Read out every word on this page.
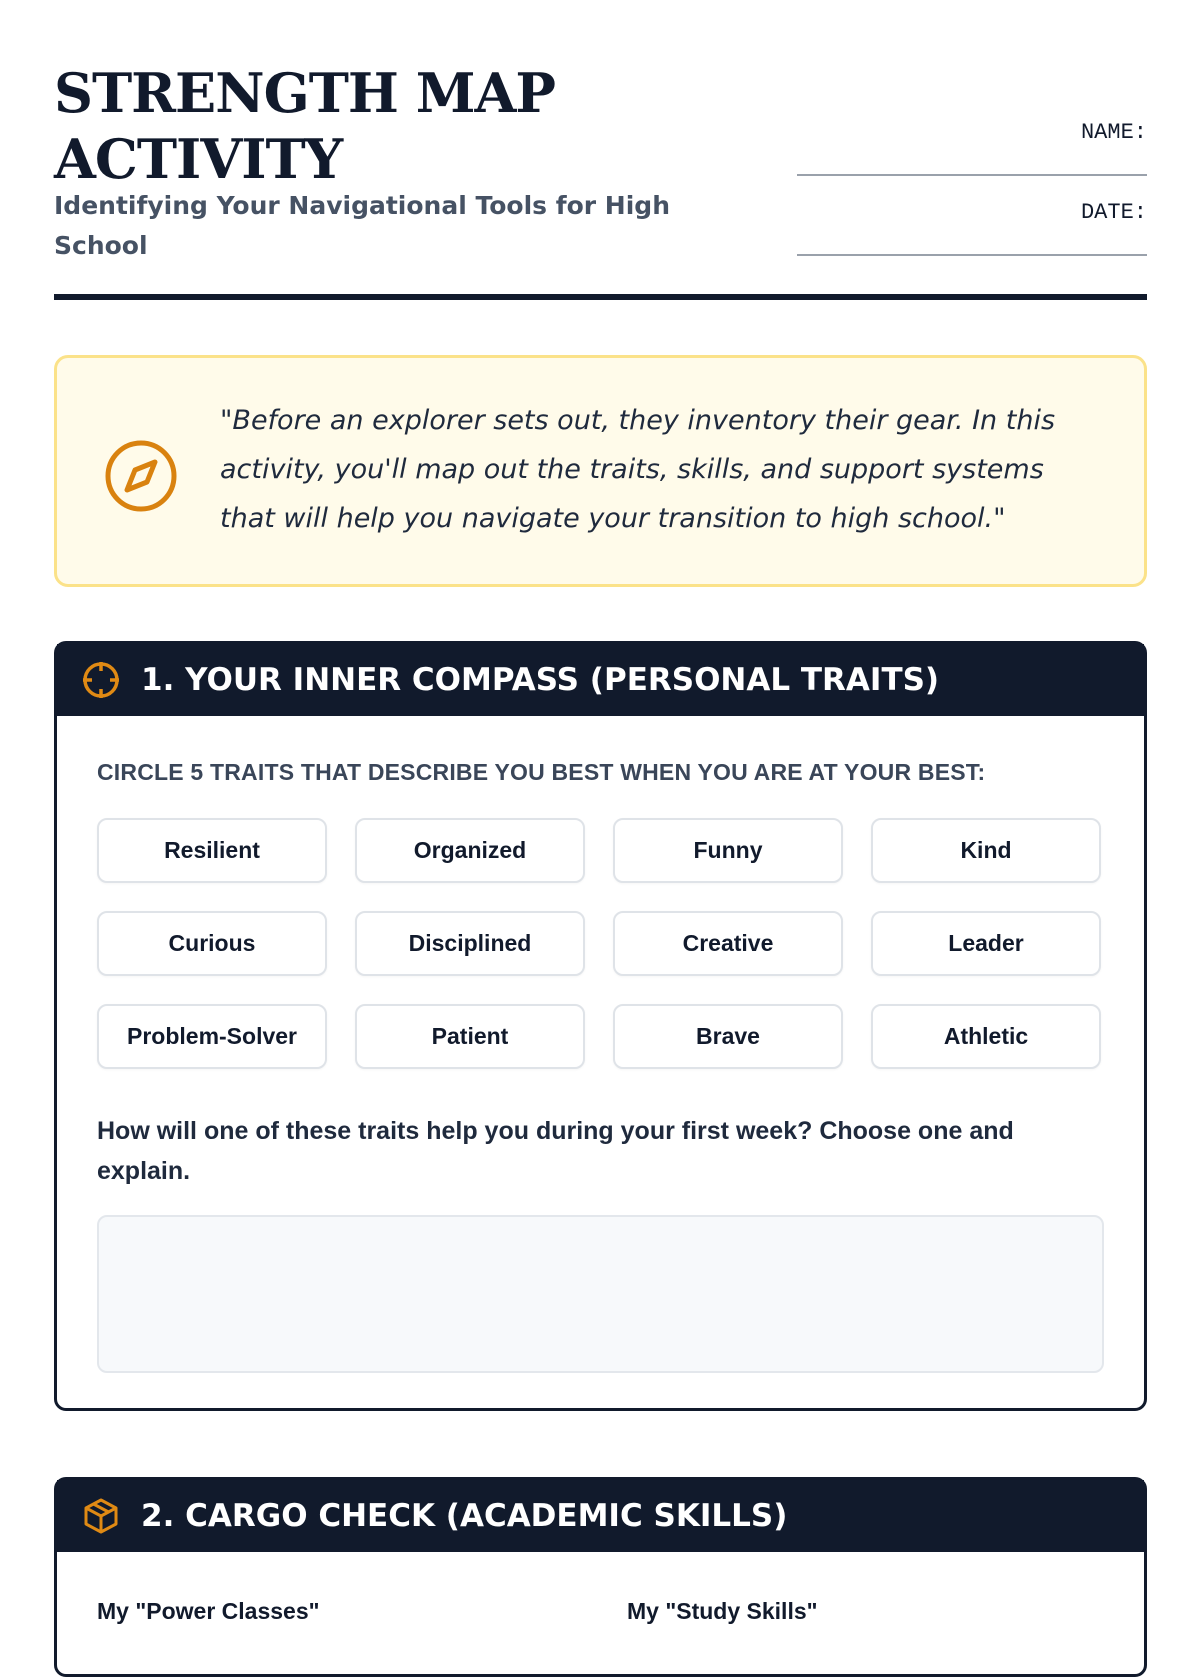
STRENGTH MAP ACTIVITY
Identifying Your Navigational Tools for High School
NAME:
DATE:
"Before an explorer sets out, they inventory their gear. In this activity, you'll map out the traits, skills, and support systems that will help you navigate your transition to high school."
1. YOUR INNER COMPASS (PERSONAL TRAITS)
CIRCLE 5 TRAITS THAT DESCRIBE YOU BEST WHEN YOU ARE AT YOUR BEST:
Resilient	Organized	Funny	Kind
Curious	Disciplined	Creative	Leader
Problem-Solver	Patient	Brave	Athletic
How will one of these traits help you during your first week? Choose one and explain.
2. CARGO CHECK (ACADEMIC SKILLS)
My "Power Classes"	My "Study Skills"
